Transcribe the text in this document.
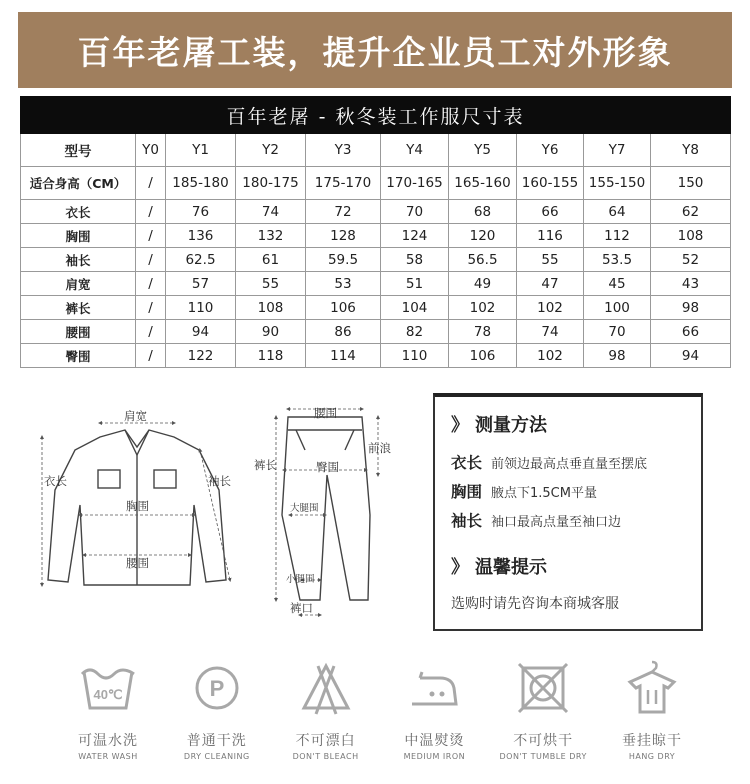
百年老屠工装，提升企业员工对外形象
百年老屠 - 秋冬装工作服尺寸表									
型号	Y0	Y1	Y2	Y3	Y4	Y5	Y6	Y7	Y8
适合身高（CM）	/	185-180	180-175	175-170	170-165	165-160	160-155	155-150	150
衣长	/	76	74	72	70	68	66	64	62
胸围	/	136	132	128	124	120	116	112	108
袖长	/	62.5	61	59.5	58	56.5	55	53.5	52
肩宽	/	57	55	53	51	49	47	45	43
裤长	/	110	108	106	104	102	102	100	98
腰围	/	94	90	86	82	78	74	70	66
臀围	/	122	118	114	110	106	102	98	94
肩宽
衣长	袖长
胸围
腰围
腰围
前浪
裤长	臀围
大腿围
小腿围
裤口
》 测量方法
衣长 前领边最高点垂直量至摆底
胸围 腋点下1.5CM平量
袖长 袖口最高点量至袖口边
》 温馨提示
选购时请先咨询本商城客服
40℃
可温水洗
WATER WASH
P
普通干洗
DRY CLEANING
不可漂白
DON'T BLEACH
中温熨烫
MEDIUM IRON
不可烘干
DON'T TUMBLE DRY
垂挂晾干
HANG DRY
